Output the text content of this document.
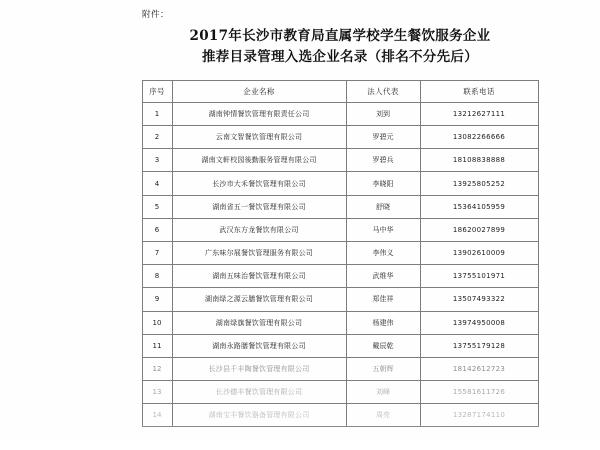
附件：
2017年长沙市教育局直属学校学生餐饮服务企业
推荐目录管理入选企业名录（排名不分先后）
序号	企业名称	法人代表	联系电话
1	湖南钟情餐饮管理有限责任公司	刘到	13212627111
2	云南文智餐饮管理有限公司	罗碧元	13082266666
3	湖南文軒校园後勤服务管理有限公司	罗碧兵	18108838888
4	长沙市大禾餐饮管理有限公司	李晓阳	13925805252
5	湖南省五一餐饮管理有限公司	舒晓	15364105959
6	武汉东方龙餐饮有限公司	马中华	18620027899
7	广东味尔展餐饮管理服务有限公司	李伟义	13902610009
8	湖南五味治餐饮管理有限公司	武维华	13755101971
9	湖南绿之源云膳餐饮管理有限公司	郑佳祥	13507493322
10	湖南绿旗餐饮管理有限公司	杨建伟	13974950008
11	湖南永路膳餐饮管理有限公司	戴辰乾	13755179128
12	长沙县千丰陶餐饮管理有限公司	五朝辉	18142612723
13	长沙德丰餐饮管理有限公司	刘峰	15581611726
14	湖南宝丰餐饮器备管理有限公司	周亮	13287174110
